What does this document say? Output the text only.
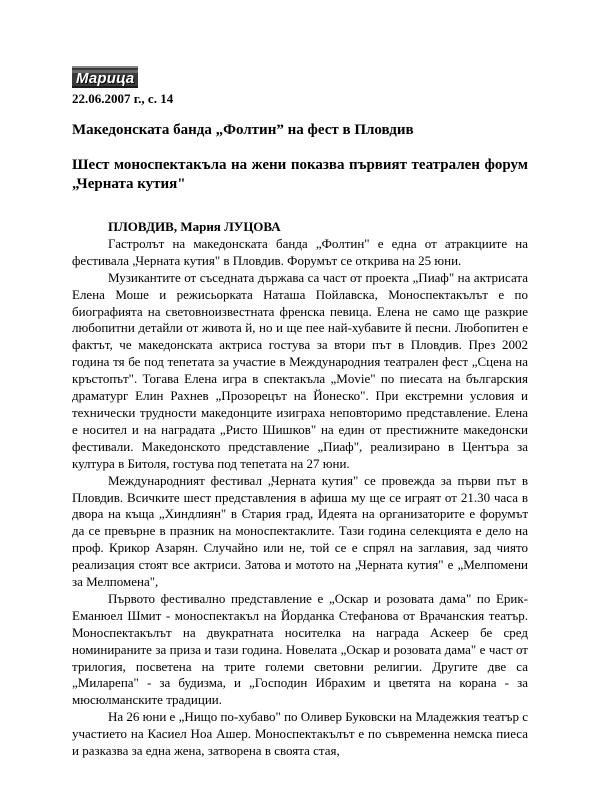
Марица
22.06.2007 г., с. 14
Македонската банда „Фолтин” на фест в Пловдив
Шест моноспектакъла на жени показва първият театрален форум „Черната кутия"

ПЛОВДИВ, Мария ЛУЦОВА

Гастролът на македонската банда „Фолтин" е една от атракциите на фестивала „Черната кутия" в Пловдив. Форумът се открива на 25 юни.

Музикантите от съседната държава са част от проекта „Пиаф" на актрисата Елена Моше и режисьорката Наташа Пойлавска, Моноспектакълът е по биографията на световноизвестната френска певица. Елена не само ще разкрие любопитни детайли от живота й, но и ще пее най-хубавите й песни. Любопитен е фактът, че македонската актриса гостува за втори път в Пловдив. През 2002 година тя бе под тепетата за участие в Международния театрален фест „Сцена на кръстопът". Тогава Елена игра в спектакъла „Movie" по пиесата на българския драматург Елин Рахнев „Прозорецът на Йонеско". При екстремни условия и технически трудности македонците изиграха неповторимо представление. Елена е носител и на наградата „Ристо Шишков" на един от престижните македонски фестивали. Македонското представление „Пиаф", реализирано в Центъра за култура в Битоля, гостува под тепетата на 27 юни.

Международният фестивал „Черната кутия" се провежда за първи път в Пловдив. Всичките шест представления в афиша му ще се играят от 21.30 часа в двора на къща „Хиндлиян" в Стария град, Идеята на организаторите е форумът да се превърне в празник на моноспектаклите. Тази година селекцията е дело на проф. Крикор Азарян. Случайно или не, той се е спрял на заглавия, зад чиято реализация стоят все актриси. Затова и мотото на „Черната кутия" е „Мелпомени за Мелпомена",

Първото фестивално представление е „Оскар и розовата дама" по Ерик-Еманюел Шмит - моноспектакъл на Йорданка Стефанова от Врачанския театър. Моноспектакълът на двукратната носителка на награда Аскеер бе сред номинираните за приза и тази година. Новелата „Оскар и розовата дама" е част от трилогия, посветена на трите големи световни религии. Другите две са „Миларепа" - за будизма, и „Господин Ибрахим и цветята на корана - за мюсюлманските традиции.

На 26 юни е „Нищо по-хубаво" по Оливер Буковски на Младежкия театър с участието на Касиел Ноа Ашер. Моноспектакълът е по съвременна немска пиеса и разказва за една жена, затворена в своята стая,
